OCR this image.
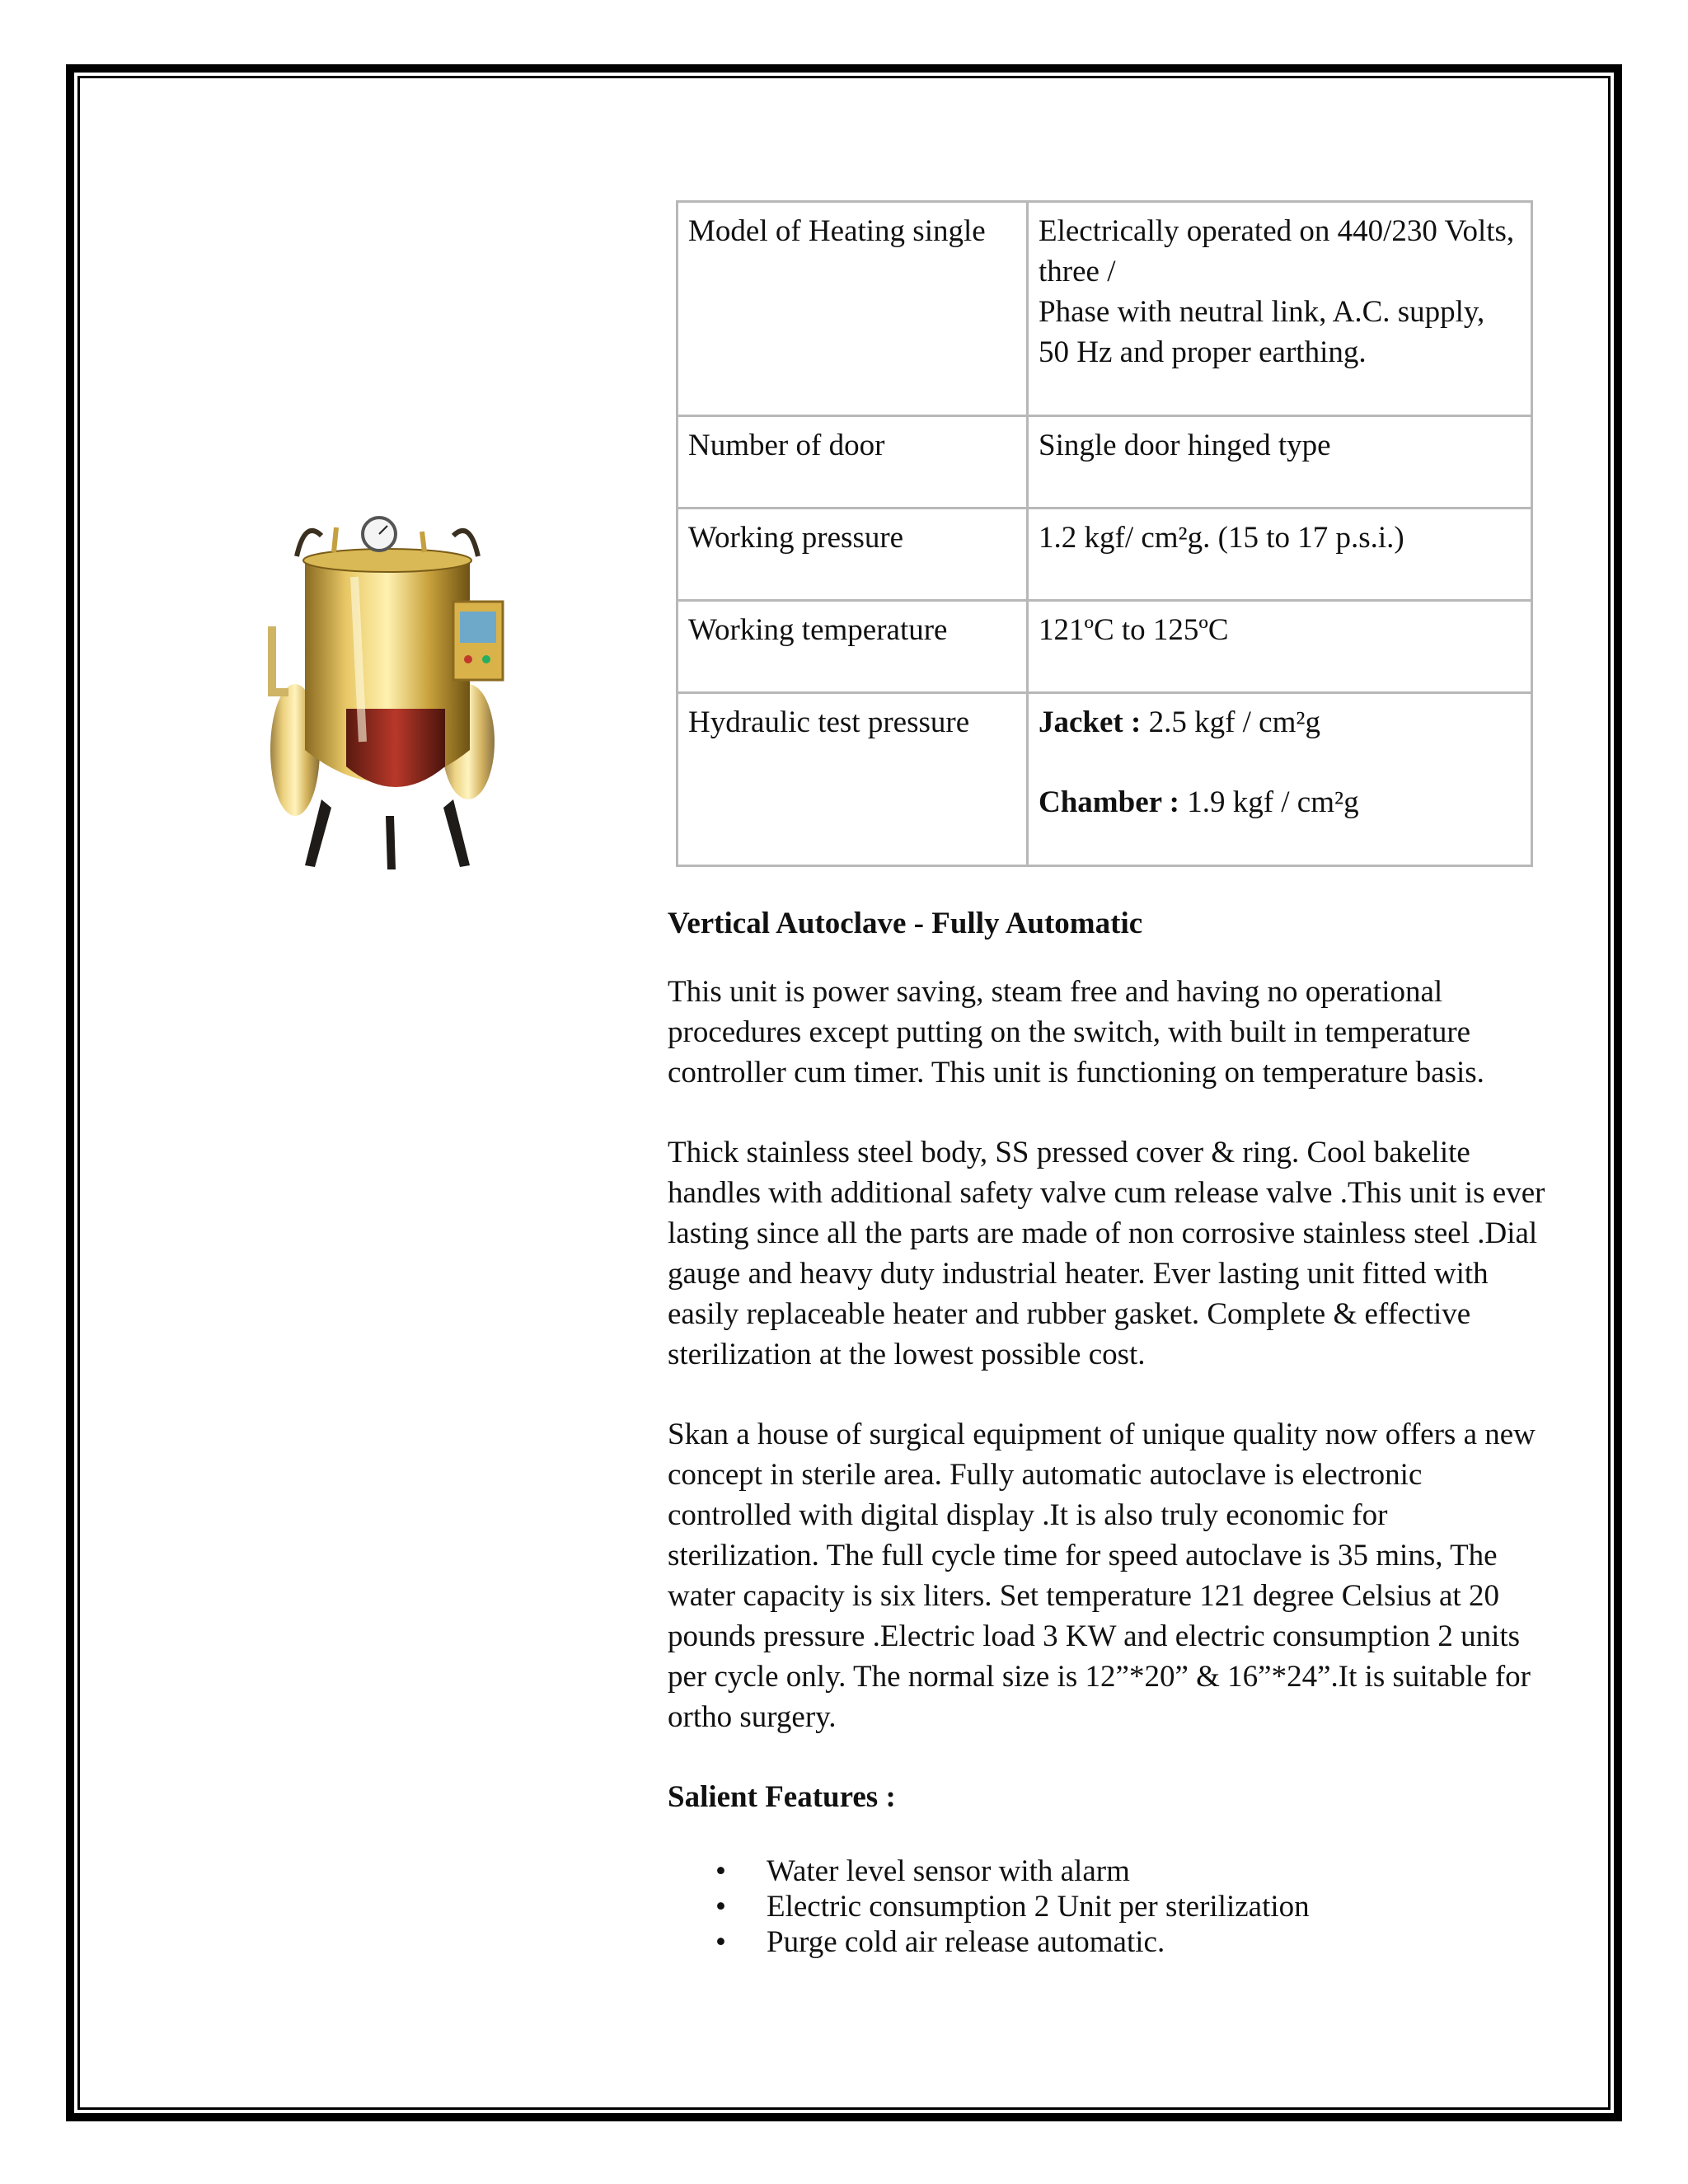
Model of Heating single	Electrically operated on 440/230 Volts,
three /
Phase with neutral link, A.C. supply,
50 Hz and proper earthing.

Number of door	Single door hinged type
Working pressure	1.2 kgf/ cm²g. (15 to 17 p.s.i.)
Working temperature	121ºC to 125ºC
Hydraulic test pressure	Jacket : 2.5 kgf / cm²g
Chamber : 1.9 kgf / cm²g

Vertical Autoclave - Fully Automatic

This unit is power saving, steam free and having no operational
procedures except putting on the switch, with built in temperature
controller cum timer. This unit is functioning on temperature basis.
Thick stainless steel body, SS pressed cover & ring. Cool bakelite
handles with additional safety valve cum release valve .This unit is ever
lasting since all the parts are made of non corrosive stainless steel .Dial
gauge and heavy duty industrial heater. Ever lasting unit fitted with
easily replaceable heater and rubber gasket. Complete & effective
sterilization at the lowest possible cost.
Skan a house of surgical equipment of unique quality now offers a new
concept in sterile area. Fully automatic autoclave is electronic
controlled with digital display .It is also truly economic for
sterilization. The full cycle time for speed autoclave is 35 mins, The
water capacity is six liters. Set temperature 121 degree Celsius at 20
pounds pressure .Electric load 3 KW and electric consumption 2 units
per cycle only. The normal size is 12”*20” & 16”*24”.It is suitable for
ortho surgery.

Salient Features :

• Water level sensor with alarm
• Electric consumption 2 Unit per sterilization
• Purge cold air release automatic.
